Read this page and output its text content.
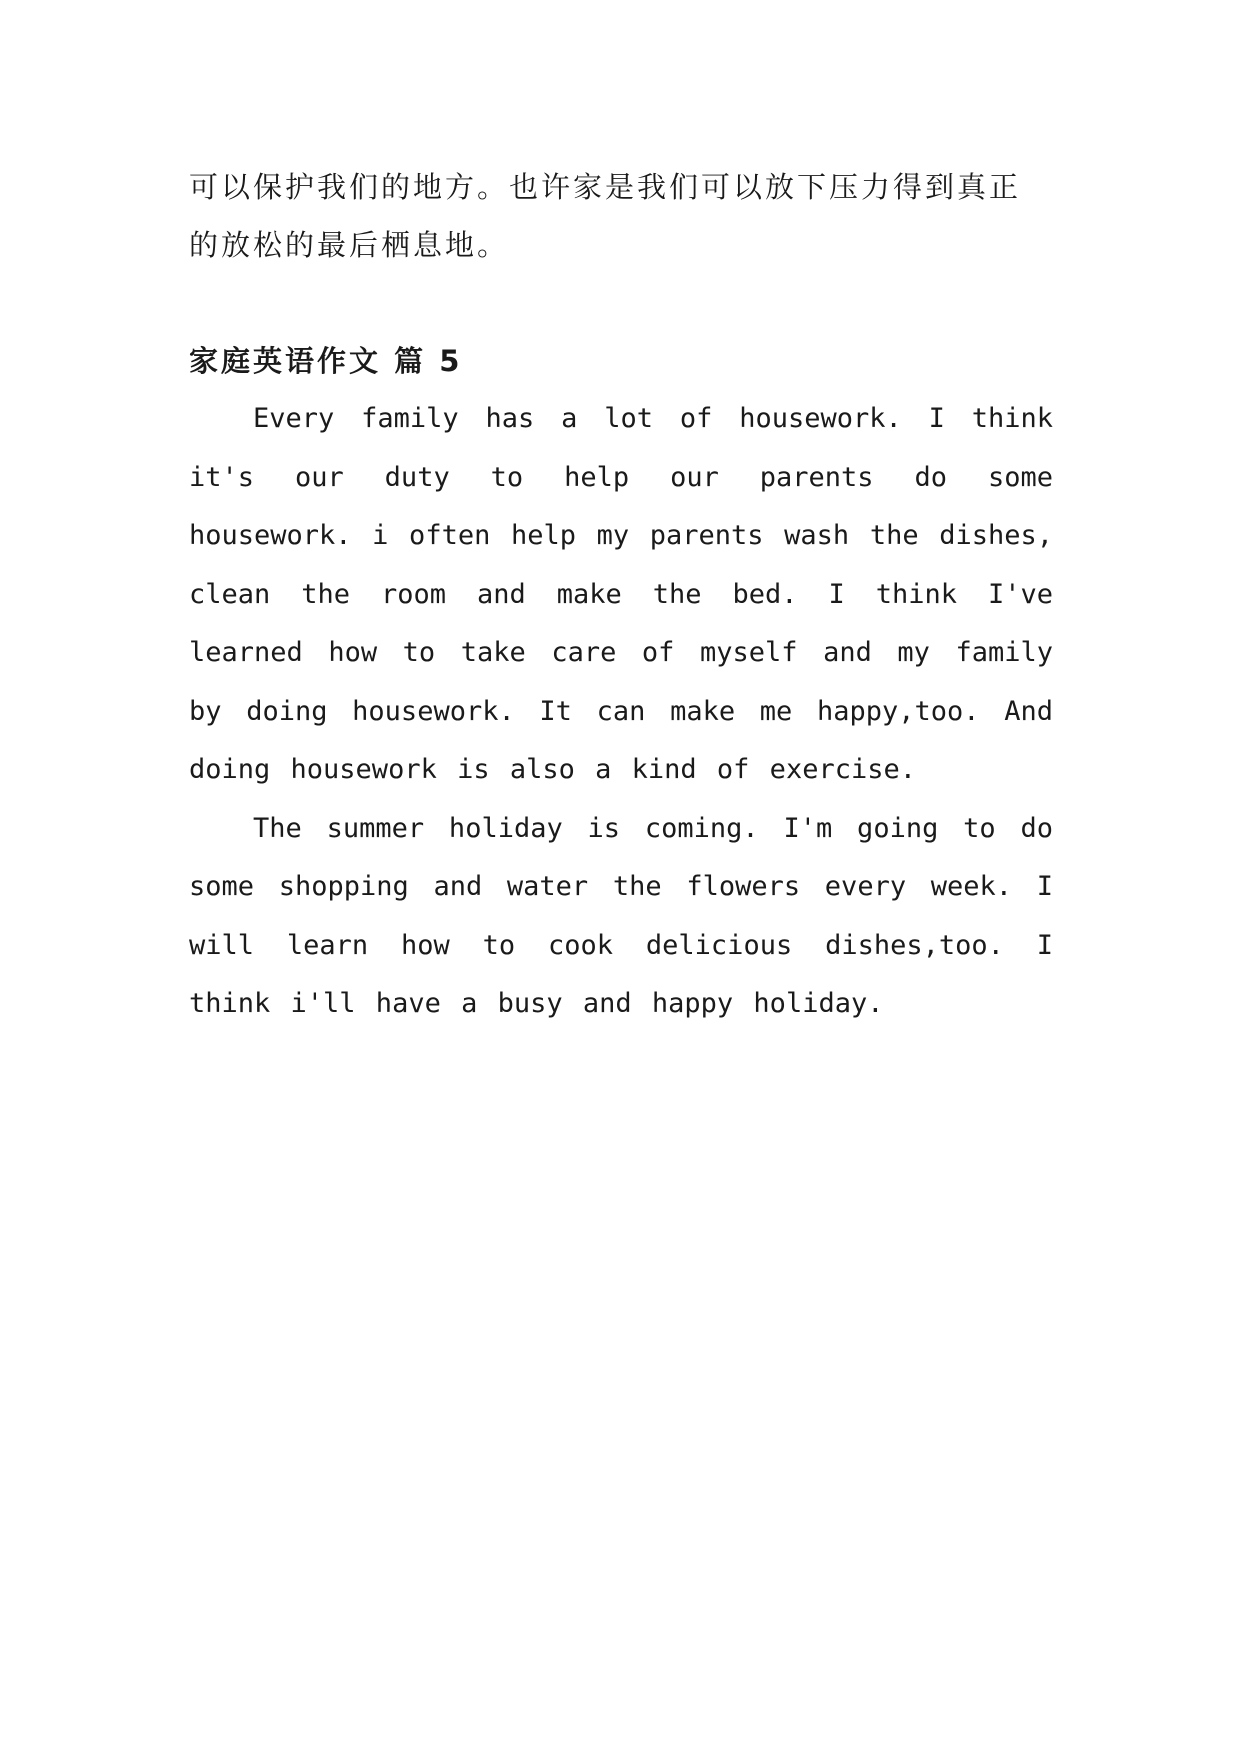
可以保护我们的地方。也许家是我们可以放下压力得到真正
的放松的最后栖息地。

家庭英语作文 篇 5

Every family has a lot of housework. I think it's our duty to help our parents do some housework. i often help my parents wash the dishes, clean the room and make the bed. I think I've learned how to take care of myself and my family by doing housework. It can make me happy,too. And doing housework is also a kind of exercise.

The summer holiday is coming. I'm going to do some shopping and water the flowers every week. I will learn how to cook delicious dishes,too. I think i'll have a busy and happy holiday.
